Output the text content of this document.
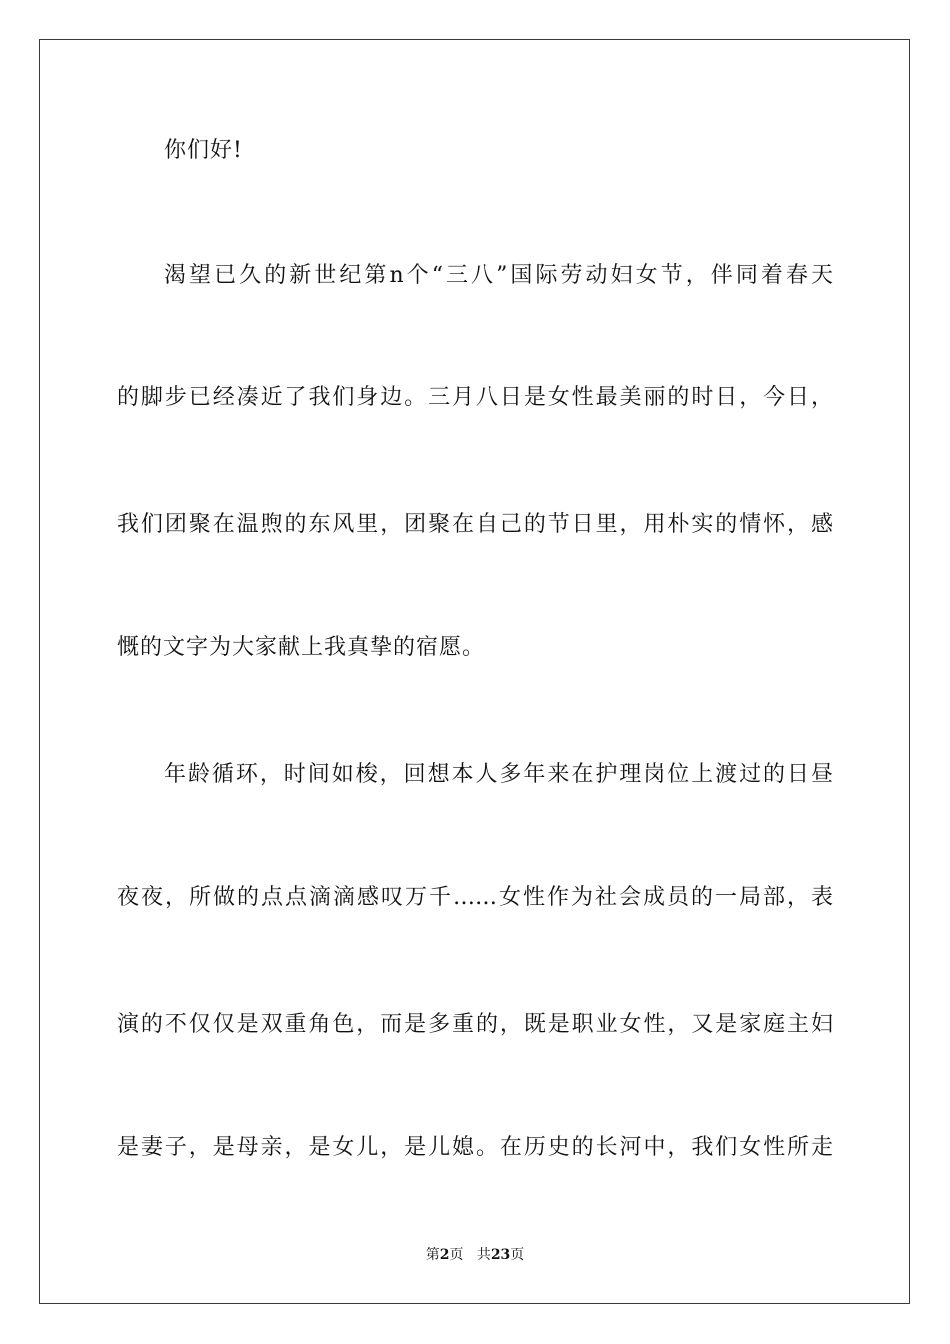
你们好!
渴望已久的新世纪第n个“三八”国际劳动妇女节，伴同着春天
的脚步已经凑近了我们身边。三月八日是女性最美丽的时日，今日，
我们团聚在温煦的东风里，团聚在自己的节日里，用朴实的情怀，感
慨的文字为大家献上我真挚的宿愿。
年龄循环，时间如梭，回想本人多年来在护理岗位上渡过的日昼
夜夜，所做的点点滴滴感叹万千……女性作为社会成员的一局部，表
演的不仅仅是双重角色，而是多重的，既是职业女性，又是家庭主妇
是妻子，是母亲，是女儿，是儿媳。在历史的长河中，我们女性所走
第2页 共23页
